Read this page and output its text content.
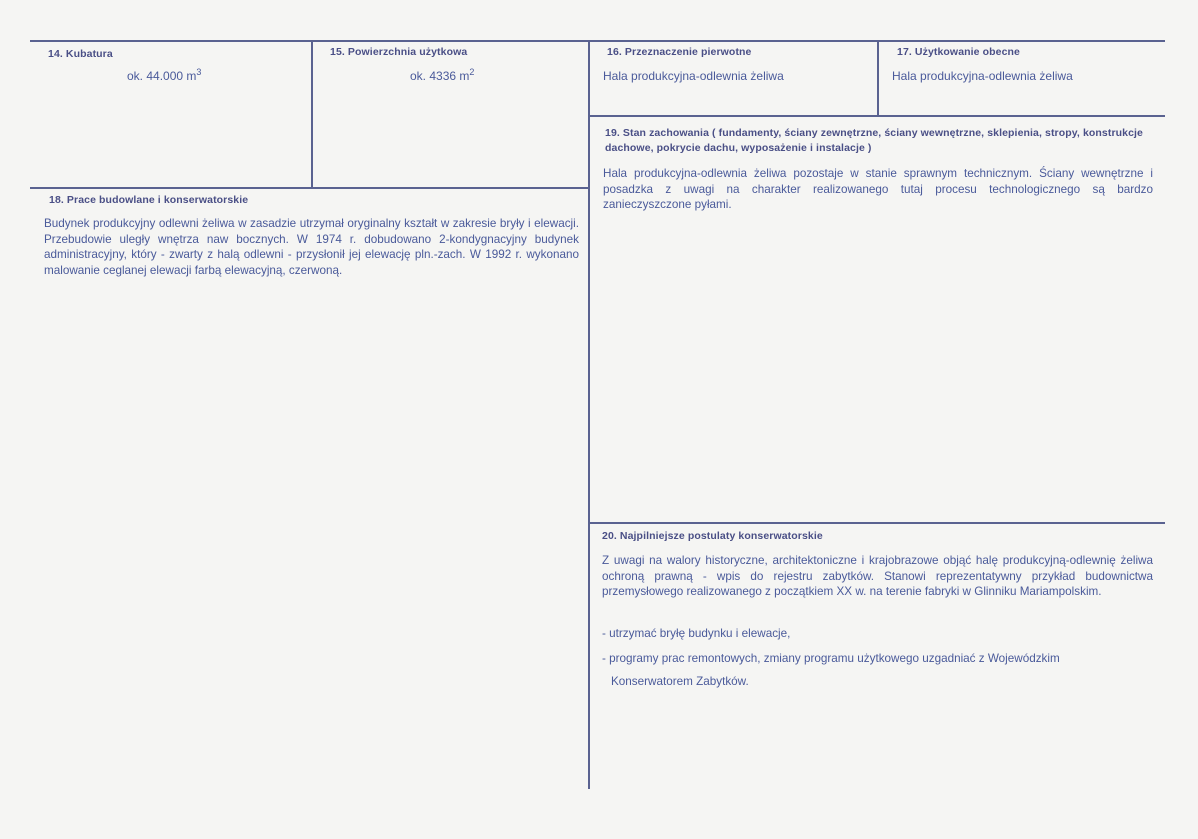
14. Kubatura
ok. 44.000 $m^3$
15. Powierzchnia użytkowa
ok. 4336 $m^2$
16. Przeznaczenie pierwotne
Hala produkcyjna-odlewnia żeliwa
17. Użytkowanie obecne
Hala produkcyjna-odlewnia żeliwa
18. Prace budowlane i konserwatorskie
Budynek produkcyjny odlewni żeliwa w zasadzie utrzymał oryginalny kształt w zakresie bryły i elewacji. Przebudowie uległy wnętrza naw bocznych. W 1974 r. dobudowano 2-kondygnacyjny budynek administracyjny, który - zwarty z halą odlewni - przysłonił jej elewację pln.-zach. W 1992 r. wykonano malowanie ceglanej elewacji farbą elewacyjną, czerwoną.
19. Stan zachowania ( fundamenty, ściany zewnętrzne, ściany wewnętrzne, sklepienia, stropy, konstrukcje dachowe, pokrycie dachu, wyposażenie i instalacje )
Hala produkcyjna-odlewnia żeliwa pozostaje w stanie sprawnym technicznym. Ściany wewnętrzne i posadzka z uwagi na charakter realizowanego tutaj procesu technologicznego są bardzo zanieczyszczone pyłami.
20. Najpilniejsze postulaty konserwatorskie
Z uwagi na walory historyczne, architektoniczne i krajobrazowe objąć halę produkcyjną-odlewnię żeliwa ochroną prawną - wpis do rejestru zabytków. Stanowi reprezentatywny przykład budownictwa przemysłowego realizowanego z początkiem XX w. na terenie fabryki w Glinniku Mariampolskim.
- utrzymać bryłę budynku i elewacje,
- programy prac remontowych, zmiany programu użytkowego uzgadniać z Wojewódzkim
Konserwatorem Zabytków.
